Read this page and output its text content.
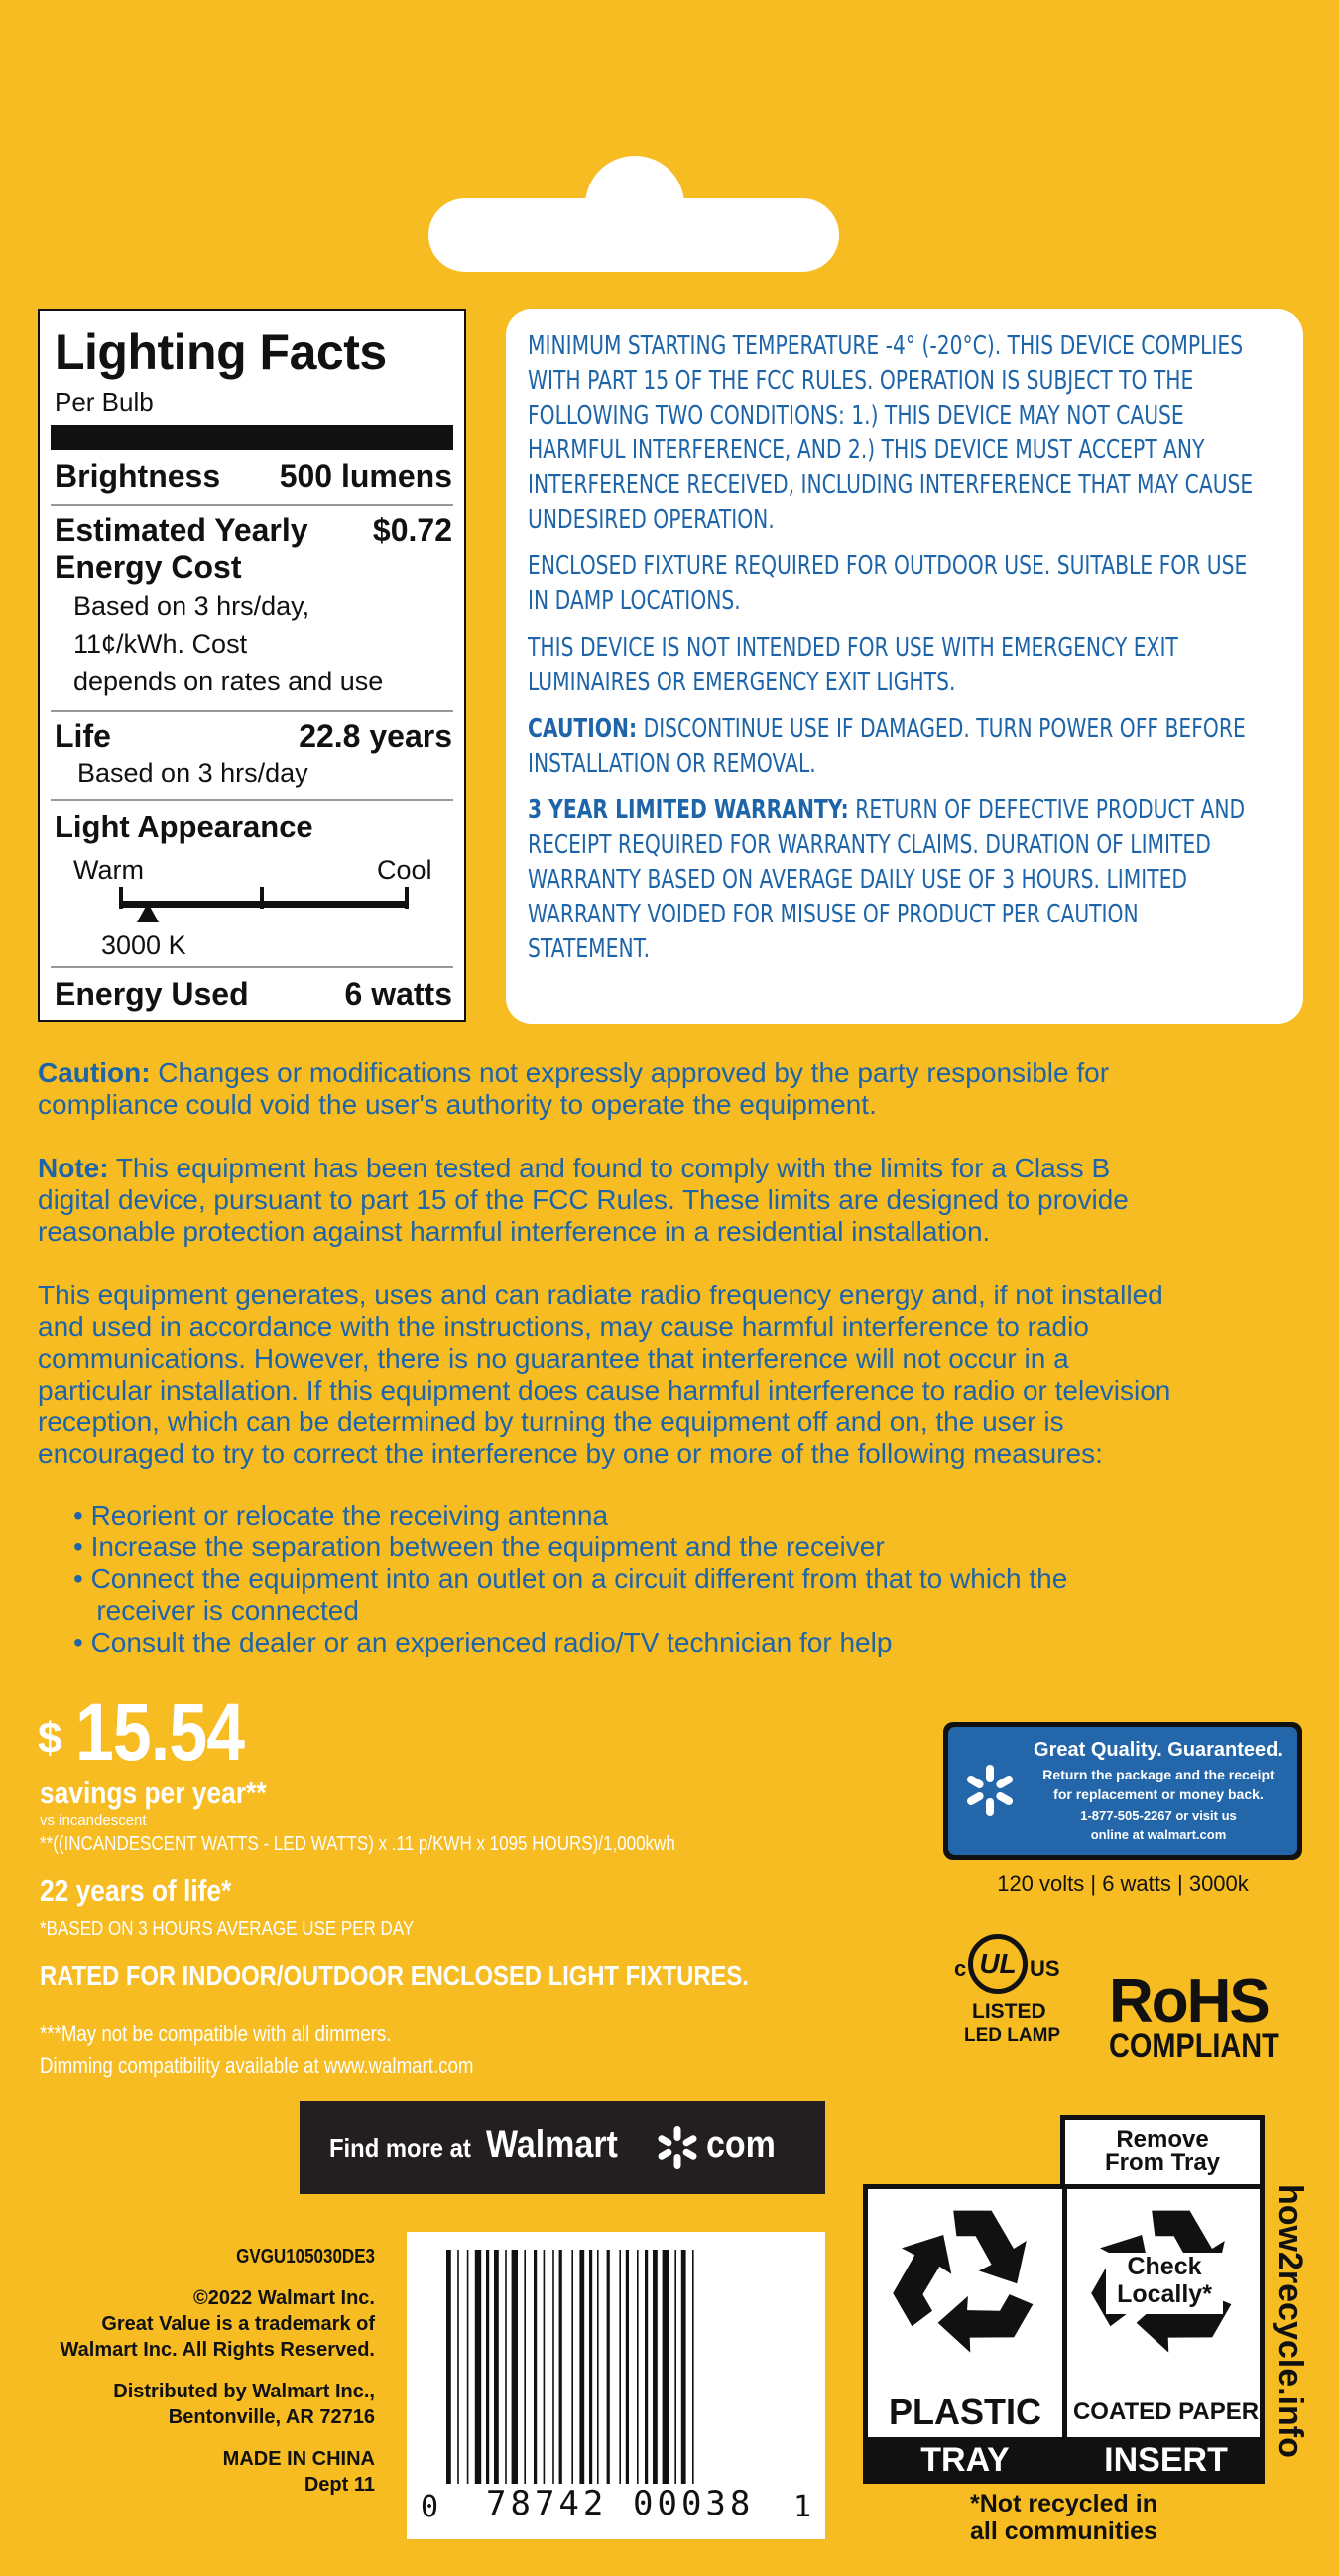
Lighting Facts
Per Bulb
Brightness 500 lumens
Estimated Yearly $0.72
Energy Cost
Based on 3 hrs/day,
11¢/kWh. Cost
depends on rates and use
Life	22.8 years
Based on 3 hrs/day
Light Appearance
Warm	Cool
3000 K
Energy Used	6 watts

MINIMUM STARTING TEMPERATURE -4° (-20°C). THIS DEVICE COMPLIES WITH PART 15 OF THE FCC RULES. OPERATION IS SUBJECT TO THE FOLLOWING TWO CONDITIONS: 1.) THIS DEVICE MAY NOT CAUSE HARMFUL INTERFERENCE, AND 2.) THIS DEVICE MUST ACCEPT ANY INTERFERENCE RECEIVED, INCLUDING INTERFERENCE THAT MAY CAUSE UNDESIRED OPERATION.

ENCLOSED FIXTURE REQUIRED FOR OUTDOOR USE. SUITABLE FOR USE IN DAMP LOCATIONS.

THIS DEVICE IS NOT INTENDED FOR USE WITH EMERGENCY EXIT LUMINAIRES OR EMERGENCY EXIT LIGHTS.

CAUTION: DISCONTINUE USE IF DAMAGED. TURN POWER OFF BEFORE INSTALLATION OR REMOVAL.

3 YEAR LIMITED WARRANTY: RETURN OF DEFECTIVE PRODUCT AND RECEIPT REQUIRED FOR WARRANTY CLAIMS. DURATION OF LIMITED WARRANTY BASED ON AVERAGE DAILY USE OF 3 HOURS. LIMITED WARRANTY VOIDED FOR MISUSE OF PRODUCT PER CAUTION STATEMENT.

Caution: Changes or modifications not expressly approved by the party responsible for
compliance could void the user's authority to operate the equipment.
Note: This equipment has been tested and found to comply with the limits for a Class B
digital device, pursuant to part 15 of the FCC Rules. These limits are designed to provide
reasonable protection against harmful interference in a residential installation.
This equipment generates, uses and can radiate radio frequency energy and, if not installed
and used in accordance with the instructions, may cause harmful interference to radio
communications. However, there is no guarantee that interference will not occur in a
particular installation. If this equipment does cause harmful interference to radio or television
reception, which can be determined by turning the equipment off and on, the user is
encouraged to try to correct the interference by one or more of the following measures:
• Reorient or relocate the receiving antenna
• Increase the separation between the equipment and the receiver
• Connect the equipment into an outlet on a circuit different from that to which the
receiver is connected
• Consult the dealer or an experienced radio/TV technician for help
$ 15.54
savings per year**
vs incandescent
**((INCANDESCENT WATTS - LED WATTS) x .11 p/KWH x 1095 HOURS)/1,000kwh
22 years of life*
*BASED ON 3 HOURS AVERAGE USE PER DAY
RATED FOR INDOOR/OUTDOOR ENCLOSED LIGHT FIXTURES.
***May not be compatible with all dimmers.
Dimming compatibility available at www.walmart.com
Great Quality. Guaranteed.
Return the package and the receipt
for replacement or money back.
1-877-505-2267 or visit us
online at walmart.com
120 volts | 6 watts | 3000k
UL
c	US
LISTED
LED LAMP
RoHS
COMPLIANT
Find more at Walmart com
GVGU105030DE3
©2022 Walmart Inc.
Great Value is a trademark of
Walmart Inc. All Rights Reserved.
Distributed by Walmart Inc.,
Bentonville, AR 72716
MADE IN CHINA
Dept 11
0 78742 00038 1
Remove
From Tray
Check
Locally*
PLASTIC	COATED PAPER
TRAY	INSERT
*Not recycled in
all communities
how2recycle.info
